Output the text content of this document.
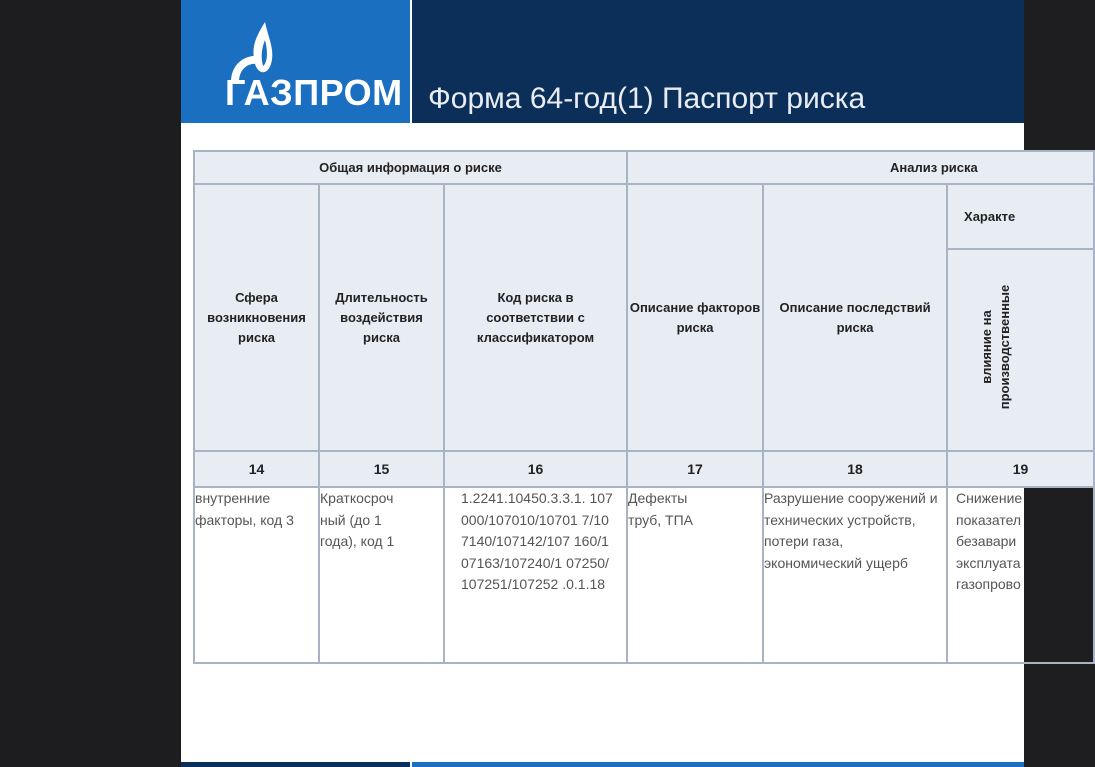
ГАЗПРОМ Форма 64-год(1) Паспорт риска
Общая информация о риске			Анализ риска		
Сфера возникновения риска	Длительность воздействия риска	Код риска в соответствии с классификатором	Описание факторов риска	Описание последствий риска	Характе

					влияние на производственные

14	15	16	17	18	19
внутренние факторы, код 3	Краткосроч ный (до 1 года), код 1	1.2241.10450.3.3.1. 107000/107010/10701 7/107140/107142/107 160/107163/107240/1 07250/107251/107252 .0.1.18	Дефекты труб, ТПА	Разрушение сооружений и технических устройств, потери газа, экономический ущерб	Снижение показател безавари эксплуата газопрово
